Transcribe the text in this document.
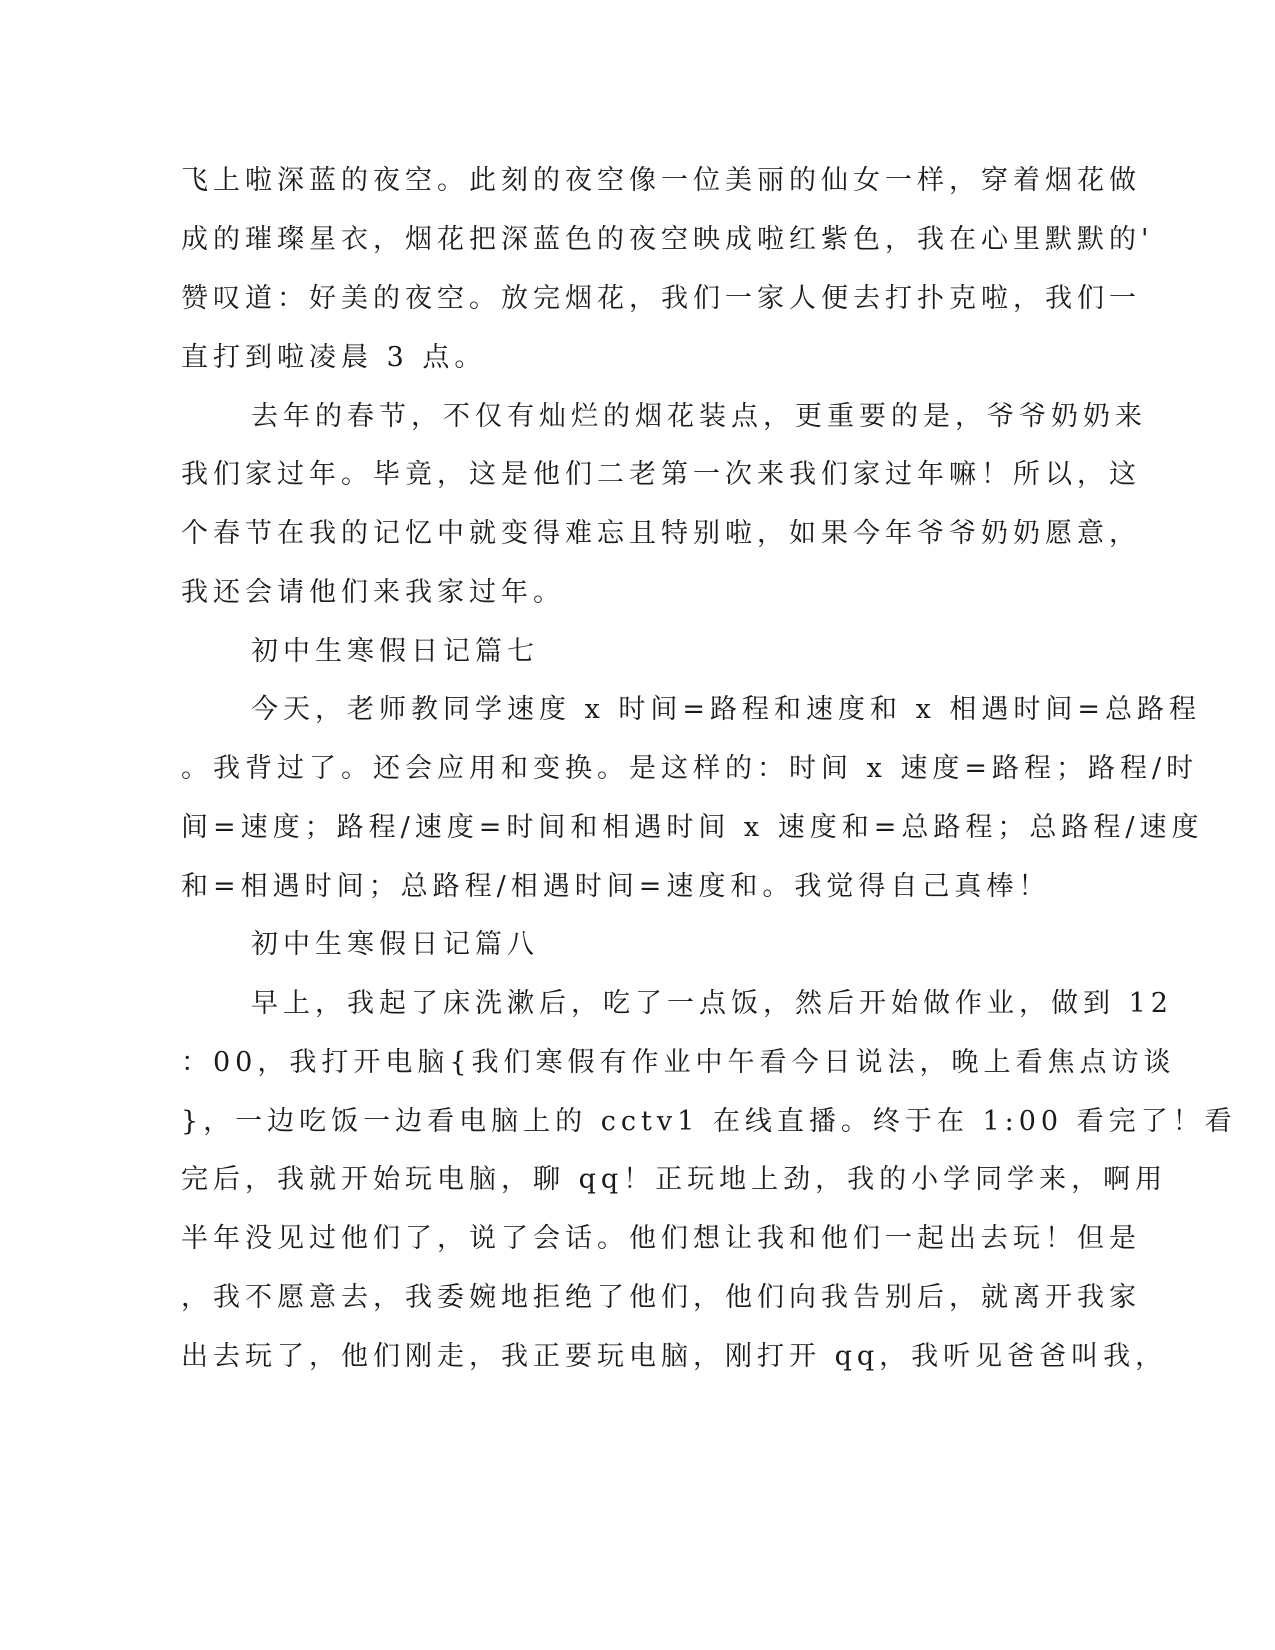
飞上啦深蓝的夜空。此刻的夜空像一位美丽的仙女一样，穿着烟花做
成的璀璨星衣，烟花把深蓝色的夜空映成啦红紫色，我在心里默默的'
赞叹道：好美的夜空。放完烟花，我们一家人便去打扑克啦，我们一
直打到啦凌晨 3 点。
去年的春节，不仅有灿烂的烟花装点，更重要的是，爷爷奶奶来
我们家过年。毕竟，这是他们二老第一次来我们家过年嘛！所以，这
个春节在我的记忆中就变得难忘且特别啦，如果今年爷爷奶奶愿意，
我还会请他们来我家过年。
初中生寒假日记篇七
今天，老师教同学速度 x 时间=路程和速度和 x 相遇时间=总路程
。我背过了。还会应用和变换。是这样的：时间 x 速度=路程；路程/时
间=速度；路程/速度=时间和相遇时间 x 速度和=总路程；总路程/速度
和=相遇时间；总路程/相遇时间=速度和。我觉得自己真棒！
初中生寒假日记篇八
早上，我起了床洗漱后，吃了一点饭，然后开始做作业，做到 12
：00，我打开电脑{我们寒假有作业中午看今日说法，晚上看焦点访谈
}，一边吃饭一边看电脑上的 cctv1 在线直播。终于在 1:00 看完了！看
完后，我就开始玩电脑，聊 qq！正玩地上劲，我的小学同学来，啊用
半年没见过他们了，说了会话。他们想让我和他们一起出去玩！但是
，我不愿意去，我委婉地拒绝了他们，他们向我告别后，就离开我家
出去玩了，他们刚走，我正要玩电脑，刚打开 qq，我听见爸爸叫我，
